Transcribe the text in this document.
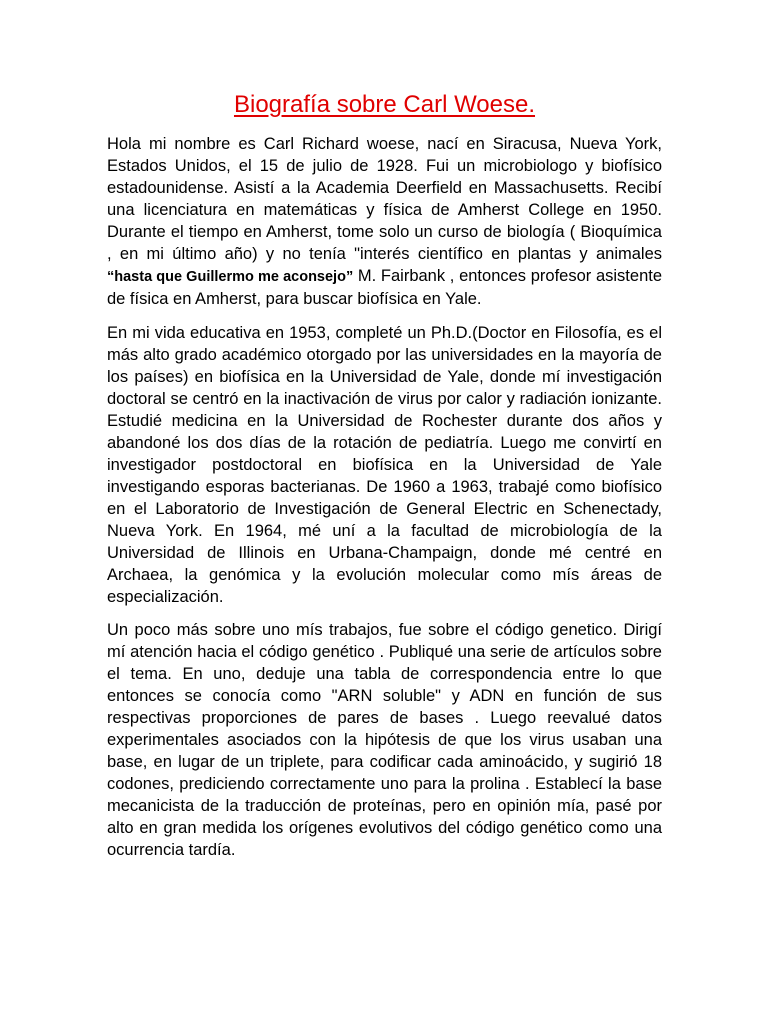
Biografía sobre Carl Woese.

Hola mi nombre es Carl Richard woese, nací en Siracusa, Nueva York, Estados Unidos, el 15 de julio de 1928. Fui un microbiologo y biofísico estadounidense. Asistí a la Academia Deerfield en Massachusetts. Recibí una licenciatura en matemáticas y física de Amherst College en 1950. Durante el tiempo en Amherst, tome solo un curso de biología ( Bioquímica , en mi último año) y no tenía "interés científico en plantas y animales “hasta que Guillermo me aconsejo” M. Fairbank , entonces profesor asistente de física en Amherst, para buscar biofísica en Yale.

En mi vida educativa en 1953, completé un Ph.D.(Doctor en Filosofía, es el más alto grado académico otorgado por las universidades en la mayoría de los países) en biofísica en la Universidad de Yale, donde mí investigación doctoral se centró en la inactivación de virus por calor y radiación ionizante. Estudié medicina en la Universidad de Rochester durante dos años y abandoné los dos días de la rotación de pediatría. Luego me convirtí en investigador postdoctoral en biofísica en la Universidad de Yale investigando esporas bacterianas. De 1960 a 1963, trabajé como biofísico en el Laboratorio de Investigación de General Electric en Schenectady, Nueva York. En 1964, mé uní a la facultad de microbiología de la Universidad de Illinois en Urbana-Champaign, donde mé centré en Archaea, la genómica y la evolución molecular como mís áreas de especialización.

Un poco más sobre uno mís trabajos, fue sobre el código genetico. Dirigí mí atención hacia el código genético . Publiqué una serie de artículos sobre el tema. En uno, deduje una tabla de correspondencia entre lo que entonces se conocía como "ARN soluble" y ADN en función de sus respectivas proporciones de pares de bases . Luego reevalué datos experimentales asociados con la hipótesis de que los virus usaban una base, en lugar de un triplete, para codificar cada aminoácido, y sugirió 18 codones, prediciendo correctamente uno para la prolina . Establecí la base mecanicista de la traducción de proteínas, pero en opinión mía, pasé por alto en gran medida los orígenes evolutivos del código genético como una ocurrencia tardía.
